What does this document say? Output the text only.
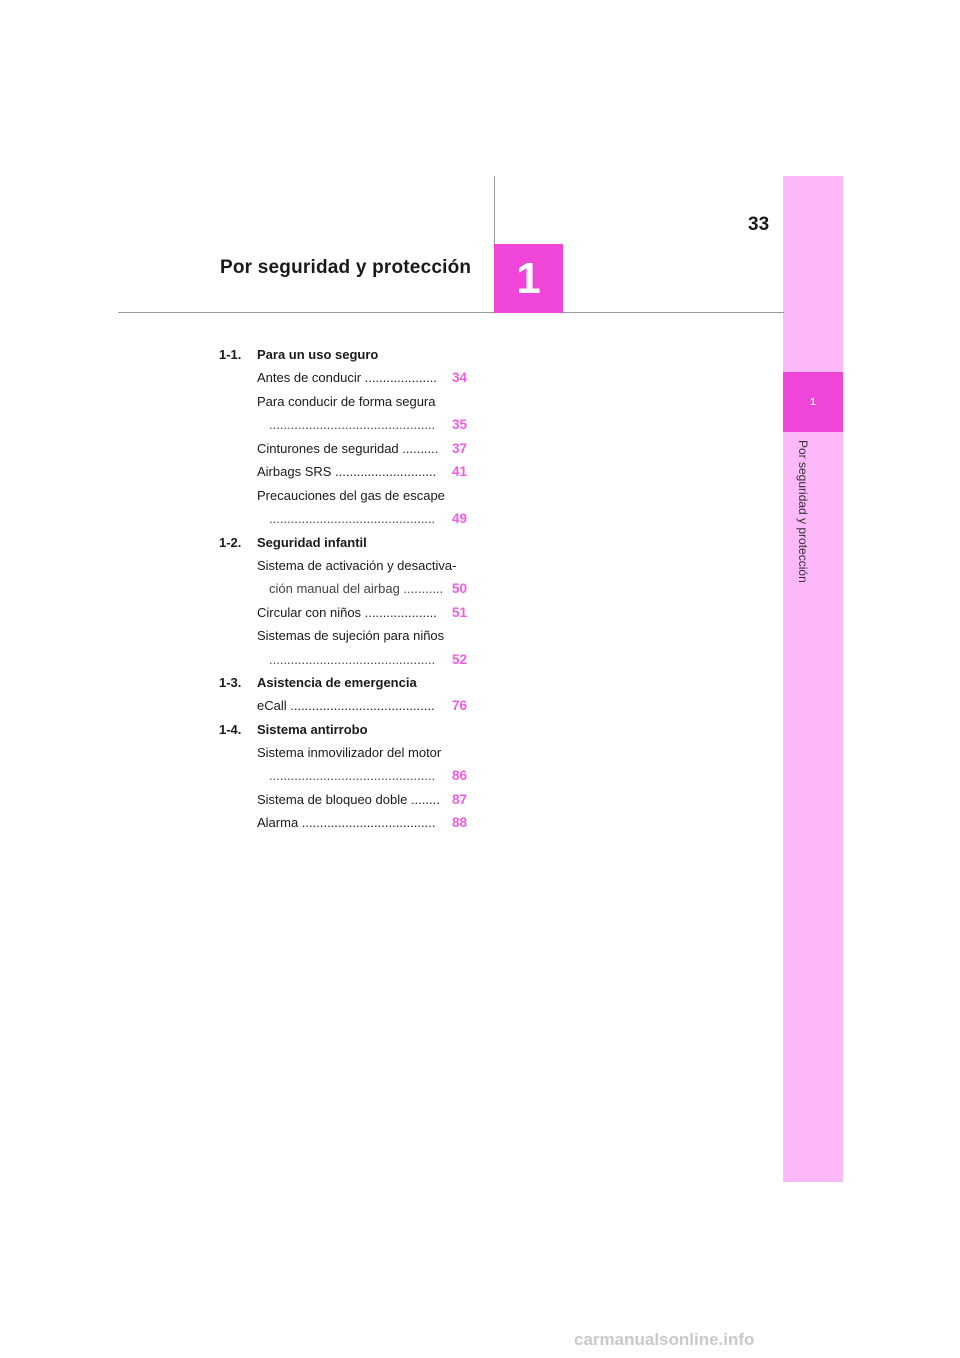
1
Por seguridad y protección
33
Por seguridad y protección 1
1-1. Para un uso seguro
Antes de conducir .................... 34
Para conducir de forma segura
.............................................. 35
Cinturones de seguridad .......... 37
Airbags SRS ............................ 41
Precauciones del gas de escape
.............................................. 49
1-2. Seguridad infantil
Sistema de activación y desactiva-
ción manual del airbag ........... 50
Circular con niños .................... 51
Sistemas de sujeción para niños
.............................................. 52
1-3. Asistencia de emergencia
eCall ........................................ 76
1-4. Sistema antirrobo
Sistema inmovilizador del motor
.............................................. 86
Sistema de bloqueo doble ........ 87
Alarma ..................................... 88
carmanualsonline.info
